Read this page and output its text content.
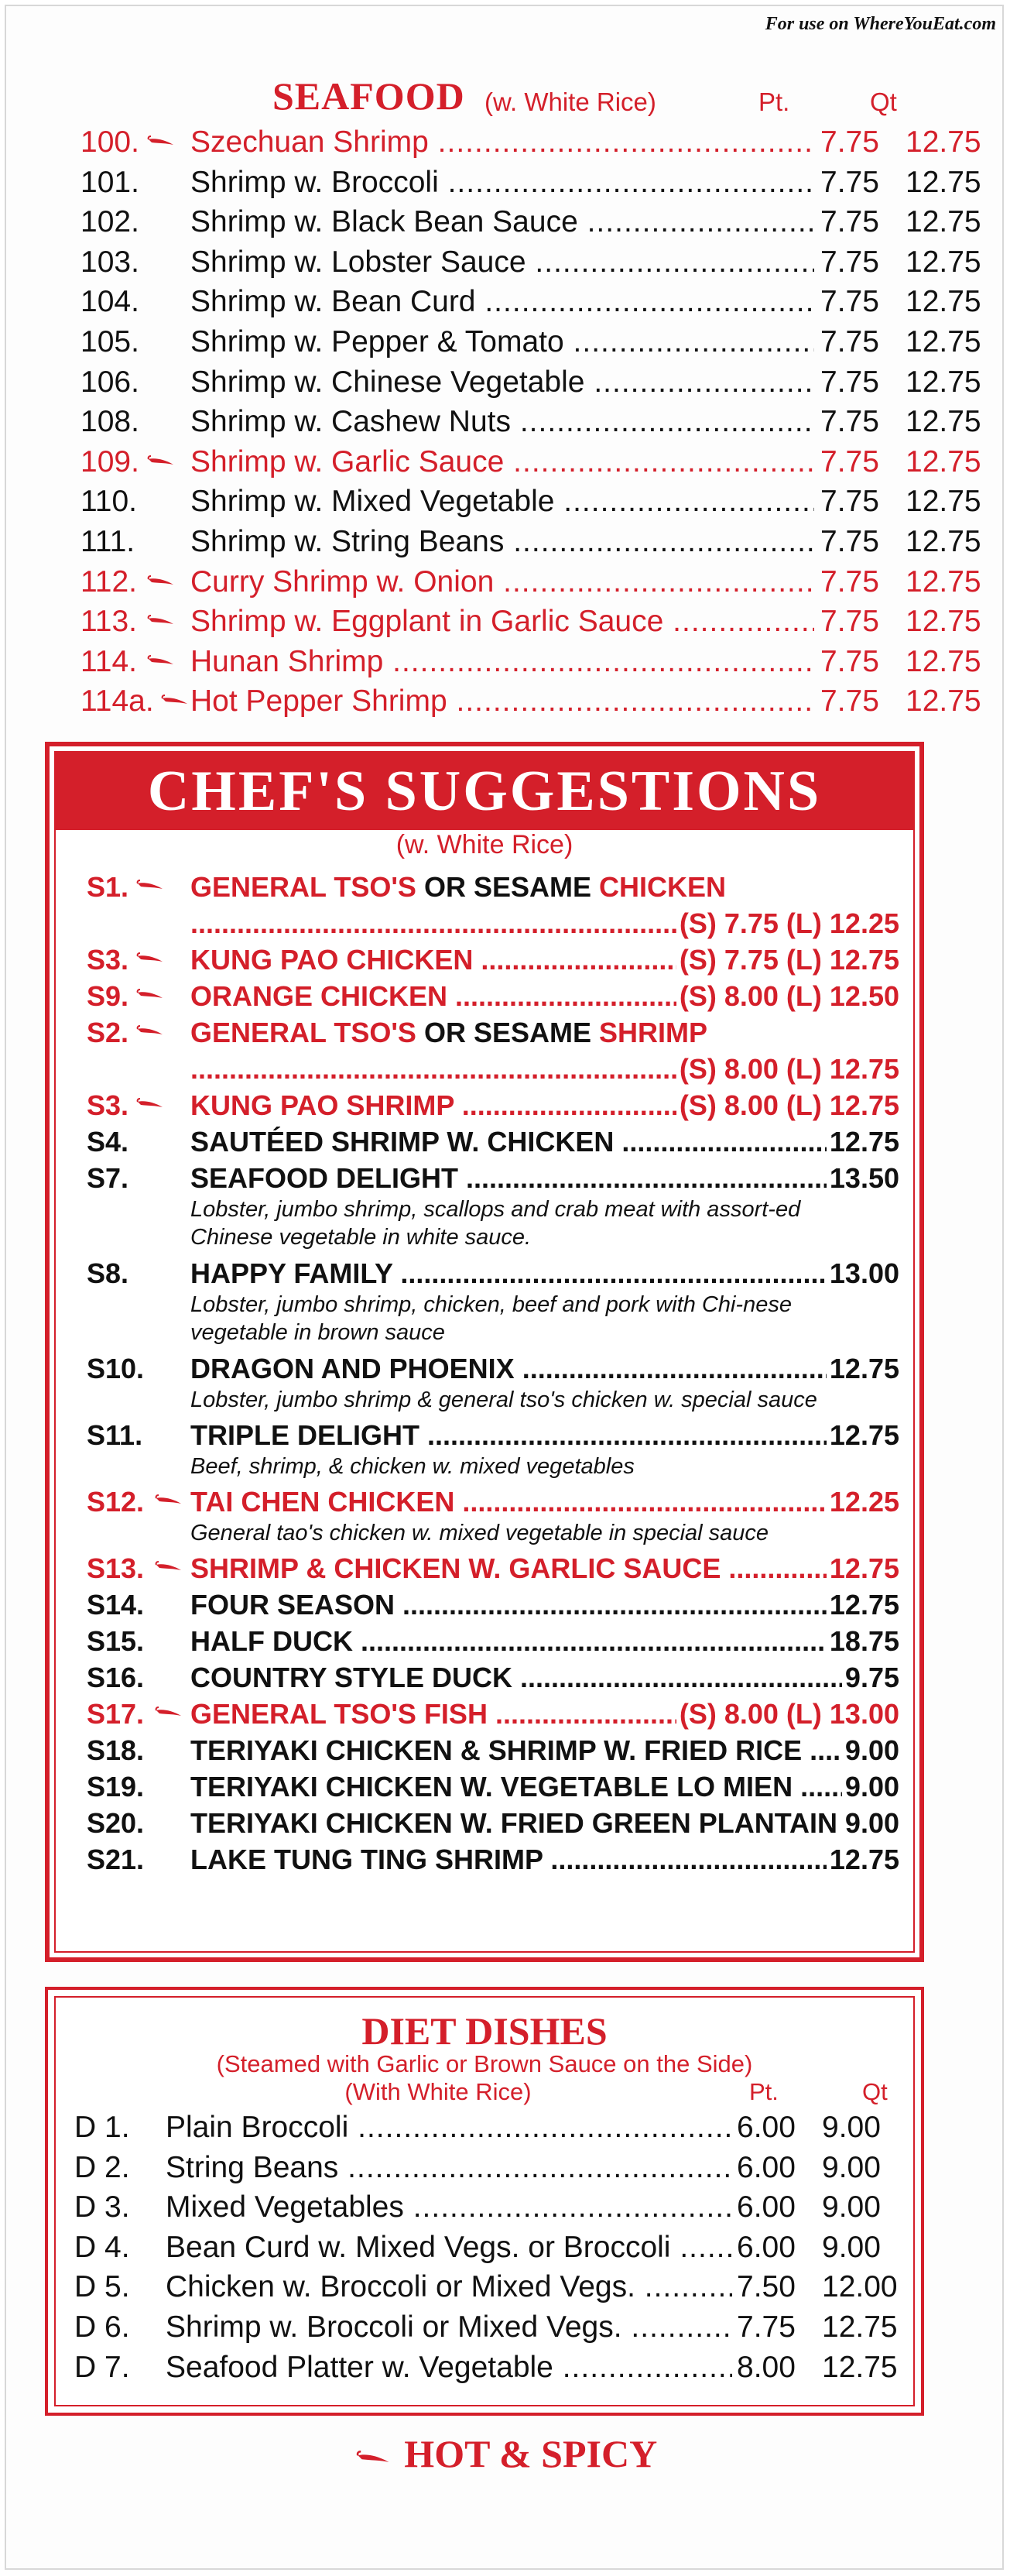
For use on WhereYouEat.com
SEAFOOD (w. White Rice)	Pt.	Qt
100. Szechuan Shrimp .....	7.75 12.75
101. Shrimp w. Broccoli .....	7.75 12.75
102. Shrimp w. Black Bean Sauce .....	7.75 12.75
103. Shrimp w. Lobster Sauce .....	7.75 12.75
104. Shrimp w. Bean Curd .....	7.75 12.75
105. Shrimp w. Pepper & Tomato .....	7.75 12.75
106. Shrimp w. Chinese Vegetable .....	7.75 12.75
108. Shrimp w. Cashew Nuts .....	7.75 12.75
109. Shrimp w. Garlic Sauce .....	7.75 12.75
110. Shrimp w. Mixed Vegetable .....	7.75 12.75
111. Shrimp w. String Beans .....	7.75 12.75
112. Curry Shrimp w. Onion .....	7.75 12.75
113. Shrimp w. Eggplant in Garlic Sauce .....	7.75 12.75
114. Hunan Shrimp .....	7.75 12.75
114a. Hot Pepper Shrimp .....	7.75 12.75
CHEF'S SUGGESTIONS
(w. White Rice)
S1. GENERAL TSO'S OR SESAME CHICKEN
.....
(S) 7.75 (L) 12.25
S3. KUNG PAO CHICKEN .....	(S) 7.75 (L) 12.75
S9. ORANGE CHICKEN .....	(S) 8.00 (L) 12.50
S2. GENERAL TSO'S OR SESAME SHRIMP
.....
(S) 8.00 (L) 12.75
S3. KUNG PAO SHRIMP .....	(S) 8.00 (L) 12.75
S4. SAUTÉED SHRIMP W. CHICKEN .....	12.75
S7. SEAFOOD DELIGHT .....	13.50
Lobster, jumbo shrimp, scallops and crab meat with assort-ed Chinese vegetable in white sauce.
S8. HAPPY FAMILY .....	13.00
Lobster, jumbo shrimp, chicken, beef and pork with Chi-nese vegetable in brown sauce
S10. DRAGON AND PHOENIX .....	12.75
Lobster, jumbo shrimp & general tso's chicken w. special sauce
S11. TRIPLE DELIGHT .....	12.75
Beef, shrimp, & chicken w. mixed vegetables
S12. TAI CHEN CHICKEN .....	12.25
General tao's chicken w. mixed vegetable in special sauce
S13. SHRIMP & CHICKEN W. GARLIC SAUCE .....	12.75
S14. FOUR SEASON .....	12.75
S15. HALF DUCK .....	18.75
S16. COUNTRY STYLE DUCK .....	9.75
S17. GENERAL TSO'S FISH .....	(S) 8.00 (L) 13.00
S18. TERIYAKI CHICKEN & SHRIMP W. FRIED RICE ..... 9.00
S19. TERIYAKI CHICKEN W. VEGETABLE LO MIEN ..... 9.00
S20. TERIYAKI CHICKEN W. FRIED GREEN PLANTAIN ..... 9.00
S21. LAKE TUNG TING SHRIMP .....	12.75
DIET DISHES
(Steamed with Garlic or Brown Sauce on the Side)
(With White Rice)	Pt.	Qt
D 1. Plain Broccoli .....	6.00 9.00
D 2. String Beans .....	6.00 9.00
D 3. Mixed Vegetables .....	6.00 9.00
D 4. Bean Curd w. Mixed Vegs. or Broccoli .....	6.00 9.00
D 5. Chicken w. Broccoli or Mixed Vegs. .....	7.50 12.00
D 6. Shrimp w. Broccoli or Mixed Vegs. .....	7.75 12.75
D 7. Seafood Platter w. Vegetable .....	8.00 12.75
HOT & SPICY
